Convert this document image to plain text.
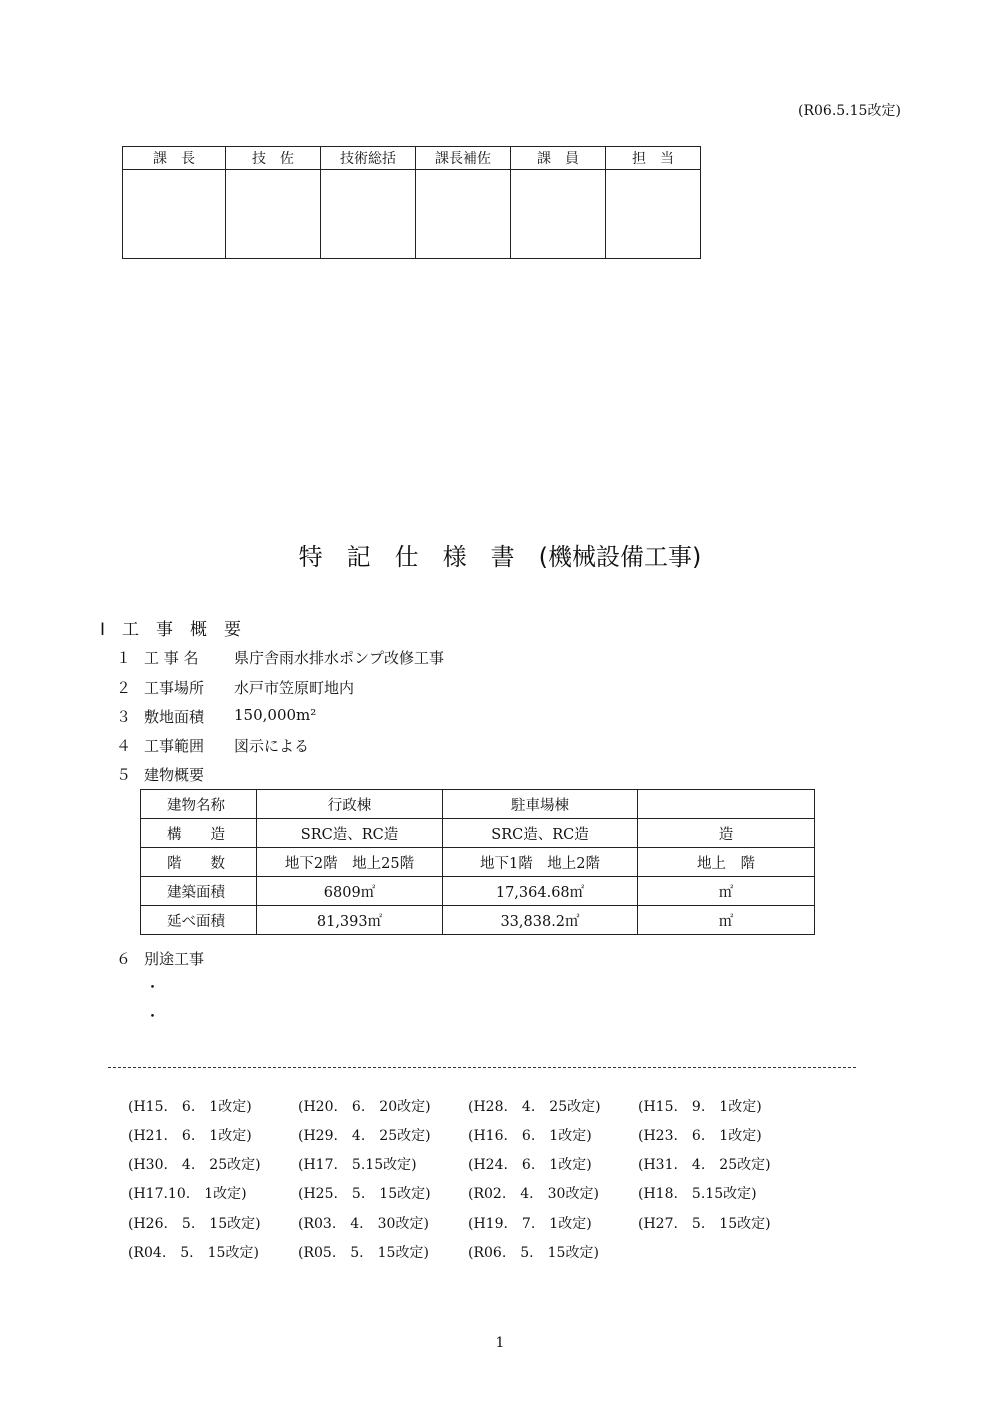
(R06.5.15改定)
課　長	技　佐	技術総括	課長補佐	課　員	担　当

特　記　仕　様　書　 (機械設備工事)
Ⅰ　工　事　概　要
１ 工 事 名	県庁舎雨水排水ポンプ改修工事
２ 工事場所	水戸市笠原町地内
３ 敷地面積	150,000m²
４ 工事範囲	図示による
５ 建物概要
建物名称	行政棟	駐車場棟	
構　　造	SRC造、RC造	SRC造、RC造	造
階　　数	地下2階　地上25階	地下1階　地上2階	地上　階
建築面積	6809㎡	17,364.68㎡	㎡
延べ面積	81,393㎡	33,838.2㎡	㎡
６ 別途工事
・
・
(H15.　6.　1改定)	(H20.　6.　20改定)	(H28.　4.　25改定)	(H15.　9.　1改定)
(H21.　6.　1改定)	(H29.　4.　25改定)	(H16.　6.　1改定)	(H23.　6.　1改定)
(H30.　4.　25改定)	(H17.　5.15改定)	(H24.　6.　1改定)	(H31.　4.　25改定)
(H17.10.　1改定)	(H25.　5.　15改定)	(R02.　4.　30改定)	(H18.　5.15改定)
(H26.　5.　15改定)	(R03.　4.　30改定)	(H19.　7.　1改定)	(H27.　5.　15改定)
(R04.　5.　15改定)	(R05.　5.　15改定)	(R06.　5.　15改定)
1
